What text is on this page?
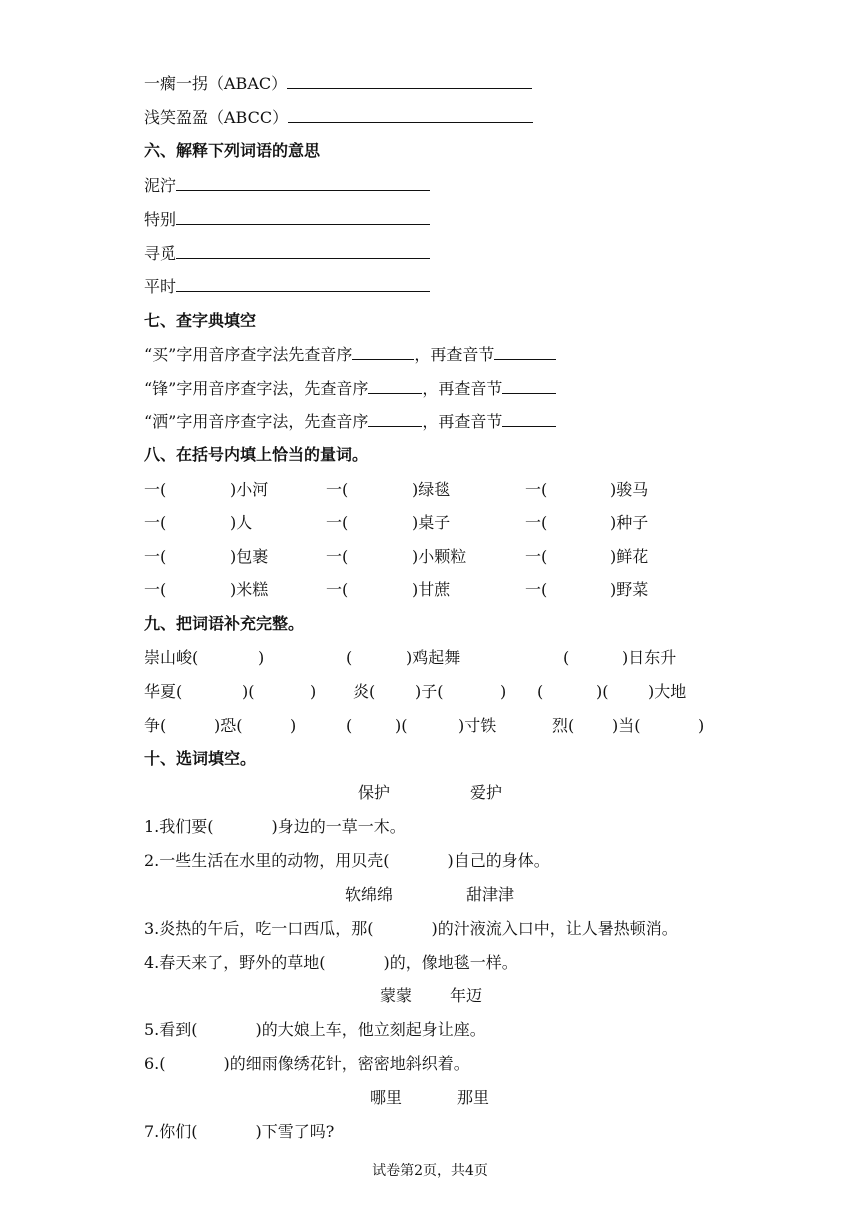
一瘸一拐（ABAC）
浅笑盈盈（ABCC）
六、解释下列词语的意思
泥泞
特别
寻觅
平时
七、查字典填空
“买”字用音序查字法先查音序	，再查音节
“锋”字用音序查字法，先查音序	，再查音节
“洒”字用音序查字法，先查音序	，再查音节
八、在括号内填上恰当的量词。
一(	)小河	一(	)绿毯	一(	)骏马
一(	)人	一(	)桌子	一(	)种子
一(	)包裹	一(	)小颗粒	一(	)鲜花
一(	)米糕	一(	)甘蔗	一(	)野菜
九、把词语补充完整。
崇山峻(	)	(	)鸡起舞	(	)日东升
华夏(	)(	) 炎( )子(	) (	)( )大地
争(	)恐(	)	(	)(	)寸铁	烈( )当(	)
十、选词填空。
保护	爱护
1.我们要(	)身边的一草一木。
2.一些生活在水里的动物，用贝壳(	)自己的身体。
软绵绵	甜津津
3.炎热的午后，吃一口西瓜，那(	)的汁液流入口中，让人暑热顿消。
4.春天来了，野外的草地(	)的，像地毯一样。
蒙蒙 年迈
5.看到(	)的大娘上车，他立刻起身让座。
6.(	)的细雨像绣花针，密密地斜织着。
哪里	那里
7.你们(	)下雪了吗?
试卷第2页，共4页
